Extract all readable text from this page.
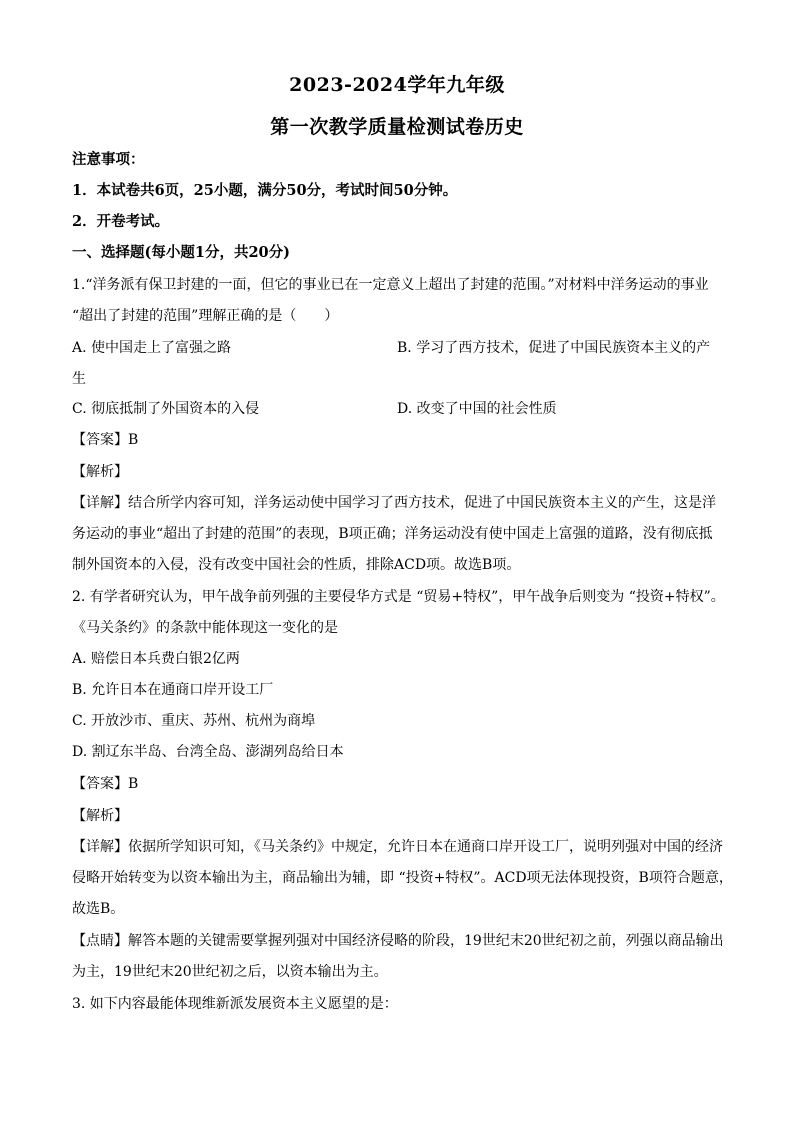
2023-2024学年九年级
第一次教学质量检测试卷历史
注意事项：
1．本试卷共6页，25小题，满分50分，考试时间50分钟。
2．开卷考试。
一、选择题(每小题1分，共20分)
1.“洋务派有保卫封建的一面，但它的事业已在一定意义上超出了封建的范围。”对材料中洋务运动的事业
“超出了封建的范围”理解正确的是（　　）
A. 使中国走上了富强之路	B. 学习了西方技术，促进了中国民族资本主义的产
生
C. 彻底抵制了外国资本的入侵	D. 改变了中国的社会性质
【答案】B
【解析】
【详解】结合所学内容可知，洋务运动使中国学习了西方技术，促进了中国民族资本主义的产生，这是洋
务运动的事业“超出了封建的范围”的表现，B项正确；洋务运动没有使中国走上富强的道路，没有彻底抵
制外国资本的入侵，没有改变中国社会的性质，排除ACD项。故选B项。
2. 有学者研究认为，甲午战争前列强的主要侵华方式是 “贸易+特权”，甲午战争后则变为 “投资+特权”。
《马关条约》的条款中能体现这一变化的是
A. 赔偿日本兵费白银2亿两
B. 允许日本在通商口岸开设工厂
C. 开放沙市、重庆、苏州、杭州为商埠
D. 割辽东半岛、台湾全岛、澎湖列岛给日本
【答案】B
【解析】
【详解】依据所学知识可知，《马关条约》中规定，允许日本在通商口岸开设工厂，说明列强对中国的经济
侵略开始转变为以资本输出为主，商品输出为辅，即 “投资+特权”。ACD项无法体现投资，B项符合题意，
故选B。
【点睛】解答本题的关键需要掌握列强对中国经济侵略的阶段，19世纪末20世纪初之前，列强以商品输出
为主，19世纪末20世纪初之后，以资本输出为主。
3. 如下内容最能体现维新派发展资本主义愿望的是：
